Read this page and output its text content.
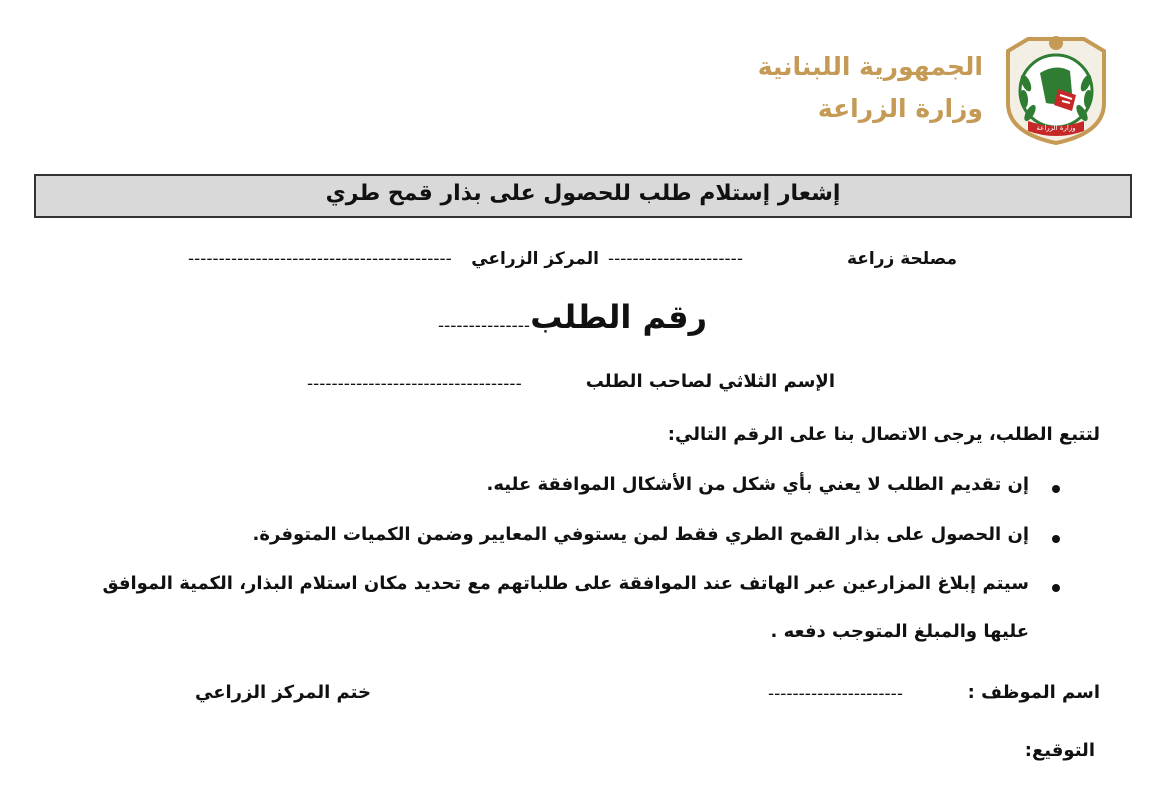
الجمهورية اللبنانية
وزارة الزراعة
وزارة الزراعة
إشعار إستلام طلب للحصول على بذار قمح طري
مصلحة زراعة
----------------------
المركز الزراعي
-------------------------------------------
رقم الطلب
---------------
الإسم الثلاثي لصاحب الطلب
-----------------------------------
لتتبع الطلب، يرجى الاتصال بنا على الرقم التالي:
إن تقديم الطلب لا يعني بأي شكل من الأشكال الموافقة عليه.
إن الحصول على بذار القمح الطري فقط لمن يستوفي المعايير وضمن الكميات المتوفرة.
سيتم إبلاغ المزارعين عبر الهاتف عند الموافقة على طلباتهم مع تحديد مكان استلام البذار، الكمية الموافق
عليها والمبلغ المتوجب دفعه .
اسم الموظف :
----------------------
ختم المركز الزراعي
التوقيع:
